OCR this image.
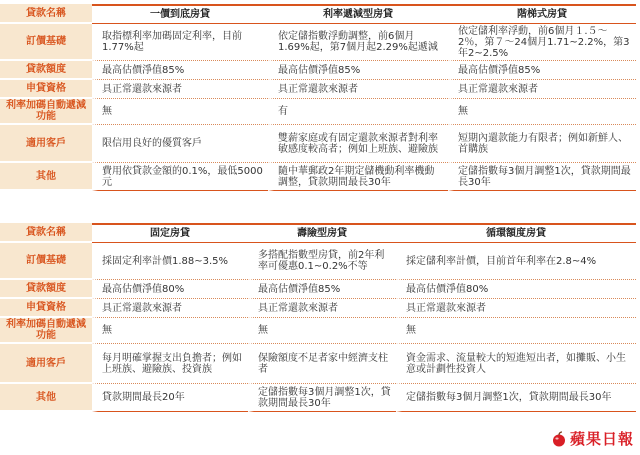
貸款名稱	一價到底房貸	利率遞減型房貸	階梯式房貸
訂價基礎	取指標利率加碼固定利率，目前1.77%起	依定儲指數浮動調整，前6個月1.69%起，第7個月起2.29%起遞減	依定儲利率浮動，前6個月１.５～2％，第７～24個月1.71~2.2%，第3年2~2.5%
貸款額度	最高估價淨值85%	最高估價淨值85%	最高估價淨值85%
申貸資格	具正常還款來源者	具正常還款來源者	具正常還款來源者
利率加碼自動遞減功能	無	有	無
適用客戶	限信用良好的優質客戶	雙薪家庭或有固定還款來源者對利率敏感度較高者；例如上班族、避險族	短期內還款能力有限者；例如新鮮人、首購族
其他	費用依貸款金額的0.1%，最低5000元	隨中華郵政2年期定儲機動利率機動調整，貸款期間最長30年	定儲指數每3個月調整1次，貸款期間最長30年
貸款名稱	固定房貸	壽險型房貸	循環額度房貸
訂價基礎	採固定利率計價1.88~3.5%	多搭配指數型房貸，前2年利率可優惠0.1~0.2%不等	採定儲利率計價，目前首年利率在2.8~4%
貸款額度	最高估價淨值80%	最高估價淨值85%	最高估價淨值80%
申貸資格	具正常還款來源者	具正常還款來源者	具正常還款來源者
利率加碼自動遞減功能	無	無	無
適用客戶	每月明確掌握支出負擔者；例如上班族、避險族、投資族	保險額度不足者家中經濟支柱者	資金需求、流量較大的短進短出者，如攤販、小生意或計劃性投資人
其他	貸款期間最長20年	定儲指數每3個月調整1次，貸款期間最長30年	定儲指數每3個月調整1次，貸款期間最長30年
蘋果日報
